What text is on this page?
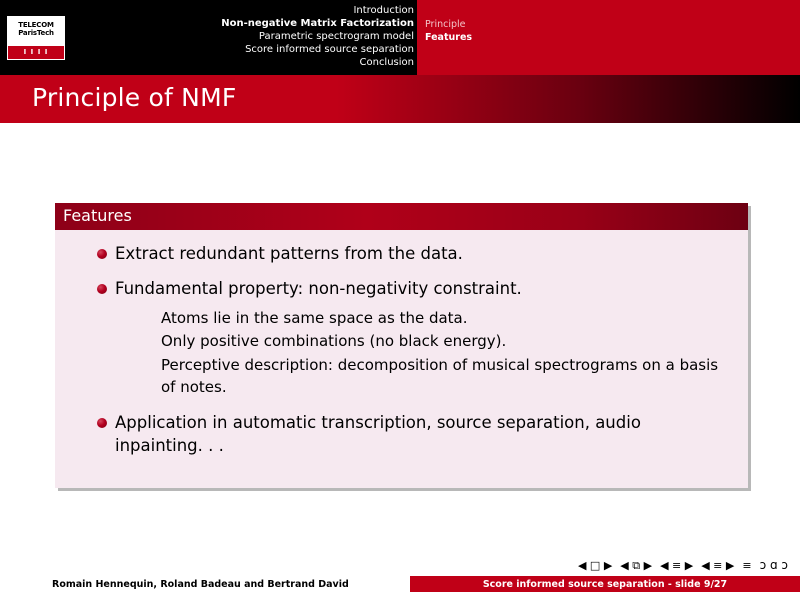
TELECOM
ParisTech
I I I I
Introduction
Non-negative Matrix Factorization
Parametric spectrogram model
Score informed source separation
Conclusion
Principle
Features
Principle of NMF
Features
Extract redundant patterns from the data.
Fundamental property: non-negativity constraint.
Atoms lie in the same space as the data.
Only positive combinations (no black energy).
Perceptive description: decomposition of musical spectrograms on a basis of notes.
Application in automatic transcription, source separation, audio inpainting. . .
◀ □ ▶ ◀ ⧉ ▶ ◀ ≡ ▶ ◀ ≡ ▶ ≡ ɔ ɑ ɔ
Romain Hennequin, Roland Badeau and Bertrand David	Score informed source separation - slide 9/27
